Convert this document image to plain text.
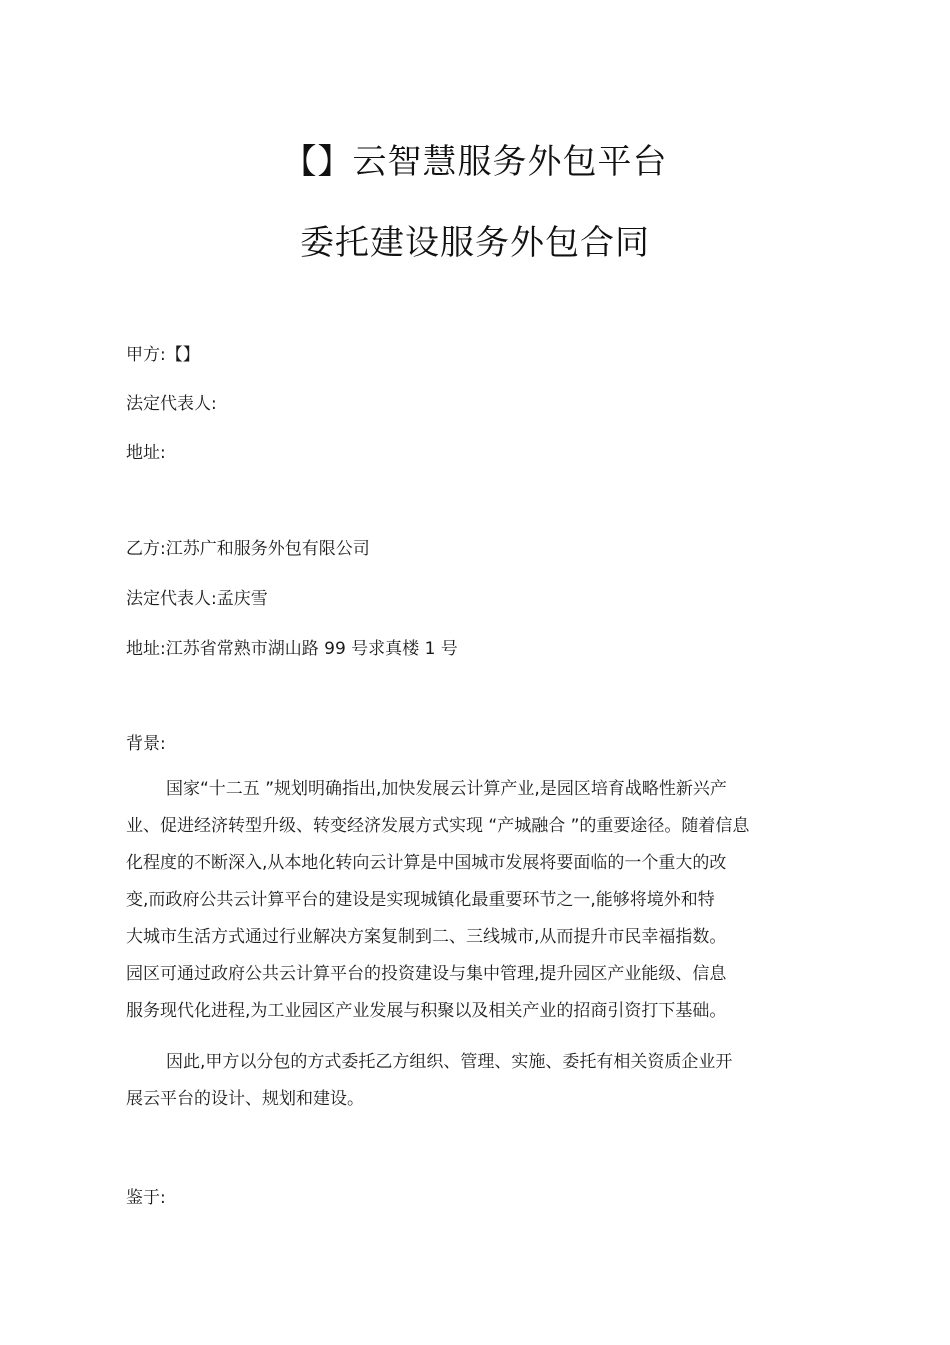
【】云智慧服务外包平台
委托建设服务外包合同
甲方:【】
法定代表人:
地址:
乙方:江苏广和服务外包有限公司
法定代表人:孟庆雪
地址:江苏省常熟市湖山路 99 号求真楼 1 号
背景:
国家“十二五 ”规划明确指出,加快发展云计算产业,是园区培育战略性新兴产
业、促进经济转型升级、转变经济发展方式实现 “产城融合 ”的重要途径。随着信息
化程度的不断深入,从本地化转向云计算是中国城市发展将要面临的一个重大的改
变,而政府公共云计算平台的建设是实现城镇化最重要环节之一,能够将境外和特
大城市生活方式通过行业解决方案复制到二、三线城市,从而提升市民幸福指数。
园区可通过政府公共云计算平台的投资建设与集中管理,提升园区产业能级、信息
服务现代化进程,为工业园区产业发展与积聚以及相关产业的招商引资打下基础。
因此,甲方以分包的方式委托乙方组织、管理、实施、委托有相关资质企业开
展云平台的设计、规划和建设。
鉴于:
